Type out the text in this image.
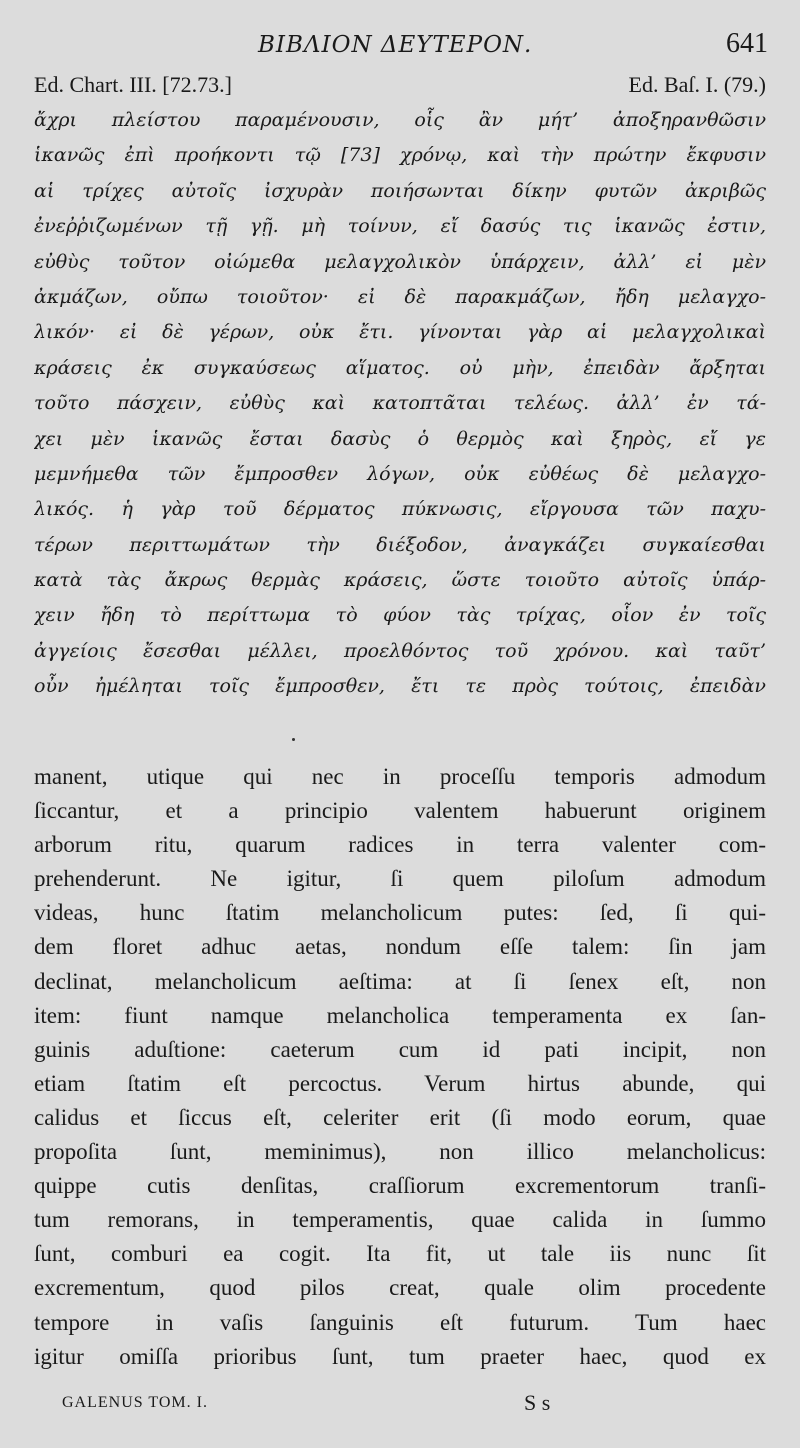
ΒΙΒΛΙΟΝ ΔΕΥΤΕΡΟΝ.	641
Ed. Chart. III. [72.73.]	Ed. Baſ. I. (79.)
ἄχρι πλείστου παραμένουσιν, οἷς ἂν μήτ’ ἀποξηρανθῶσιν
ἱκανῶς ἐπὶ προήκοντι τῷ [73] χρόνῳ, καὶ τὴν πρώτην ἔκφυσιν
αἱ τρίχες αὐτοῖς ἰσχυρὰν ποιήσωνται δίκην φυτῶν ἀκριβῶς
ἐνεῤῥιζωμένων τῇ γῇ. μὴ τοίνυν, εἴ δασύς τις ἱκανῶς ἐστιν,
εὐθὺς τοῦτον οἰώμεθα μελαγχολικὸν ὑπάρχειν, ἀλλ’ εἰ μὲν
ἀκμάζων, οὔπω τοιοῦτον· εἰ δὲ παρακμάζων, ἤδη μελαγχο-
λικόν· εἰ δὲ γέρων, οὐκ ἔτι. γίνονται γὰρ αἱ μελαγχολικαὶ
κράσεις ἐκ συγκαύσεως αἵματος. οὐ μὴν, ἐπειδὰν ἄρξηται
τοῦτο πάσχειν, εὐθὺς καὶ κατοπτᾶται τελέως. ἀλλ’ ἐν τά-
χει μὲν ἱκανῶς ἔσται δασὺς ὁ θερμὸς καὶ ξηρὸς, εἴ γε
μεμνήμεθα τῶν ἔμπροσθεν λόγων, οὐκ εὐθέως δὲ μελαγχο-
λικός. ἡ γὰρ τοῦ δέρματος πύκνωσις, εἴργουσα τῶν παχυ-
τέρων περιττωμάτων τὴν διέξοδον, ἀναγκάζει συγκαίεσθαι
κατὰ τὰς ἄκρως θερμὰς κράσεις, ὥστε τοιοῦτο αὐτοῖς ὑπάρ-
χειν ἤδη τὸ περίττωμα τὸ φύον τὰς τρίχας, οἷον ἐν τοῖς
ἀγγείοις ἔσεσθαι μέλλει, προελθόντος τοῦ χρόνου. καὶ ταῦτ’
οὖν ἠμέληται τοῖς ἔμπροσθεν, ἔτι τε πρὸς τούτοις, ἐπειδὰν
manent, utique qui nec in proceſſu temporis admodum
ſiccantur, et a principio valentem habuerunt originem
arborum ritu, quarum radices in terra valenter com-
prehenderunt. Ne igitur, ſi quem piloſum admodum
videas, hunc ſtatim melancholicum putes: ſed, ſi qui-
dem floret adhuc aetas, nondum eſſe talem: ſin jam
declinat, melancholicum aeſtima: at ſi ſenex eſt, non
item: fiunt namque melancholica temperamenta ex ſan-
guinis aduſtione: caeterum cum id pati incipit, non
etiam ſtatim eſt percoctus. Verum hirtus abunde, qui
calidus et ſiccus eſt, celeriter erit (ſi modo eorum, quae
propoſita ſunt, meminimus), non illico melancholicus:
quippe cutis denſitas, craſſiorum excrementorum tranſi-
tum remorans, in temperamentis, quae calida in ſummo
ſunt, comburi ea cogit. Ita fit, ut tale iis nunc ſit
excrementum, quod pilos creat, quale olim procedente
tempore in vaſis ſanguinis eſt futurum. Tum haec
igitur omiſſa prioribus ſunt, tum praeter haec, quod ex
GALENUS TOM. I.	S s
